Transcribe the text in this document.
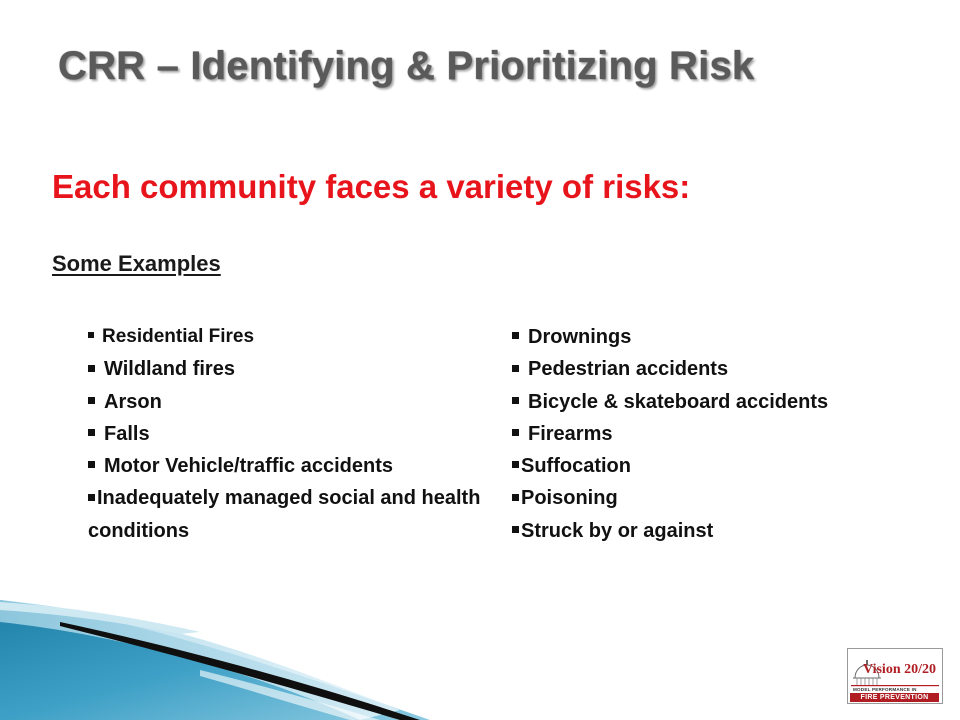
CRR – Identifying & Prioritizing Risk
Each community faces a variety of risks:
Some Examples
Residential Fires
Wildland fires
Arson
Falls
Motor Vehicle/traffic accidents
Inadequately managed social and health conditions
Drownings
Pedestrian accidents
Bicycle & skateboard accidents
Firearms
Suffocation
Poisoning
Struck by or against
Vision 20/20
MODEL PERFORMANCE IN
FIRE PREVENTION
